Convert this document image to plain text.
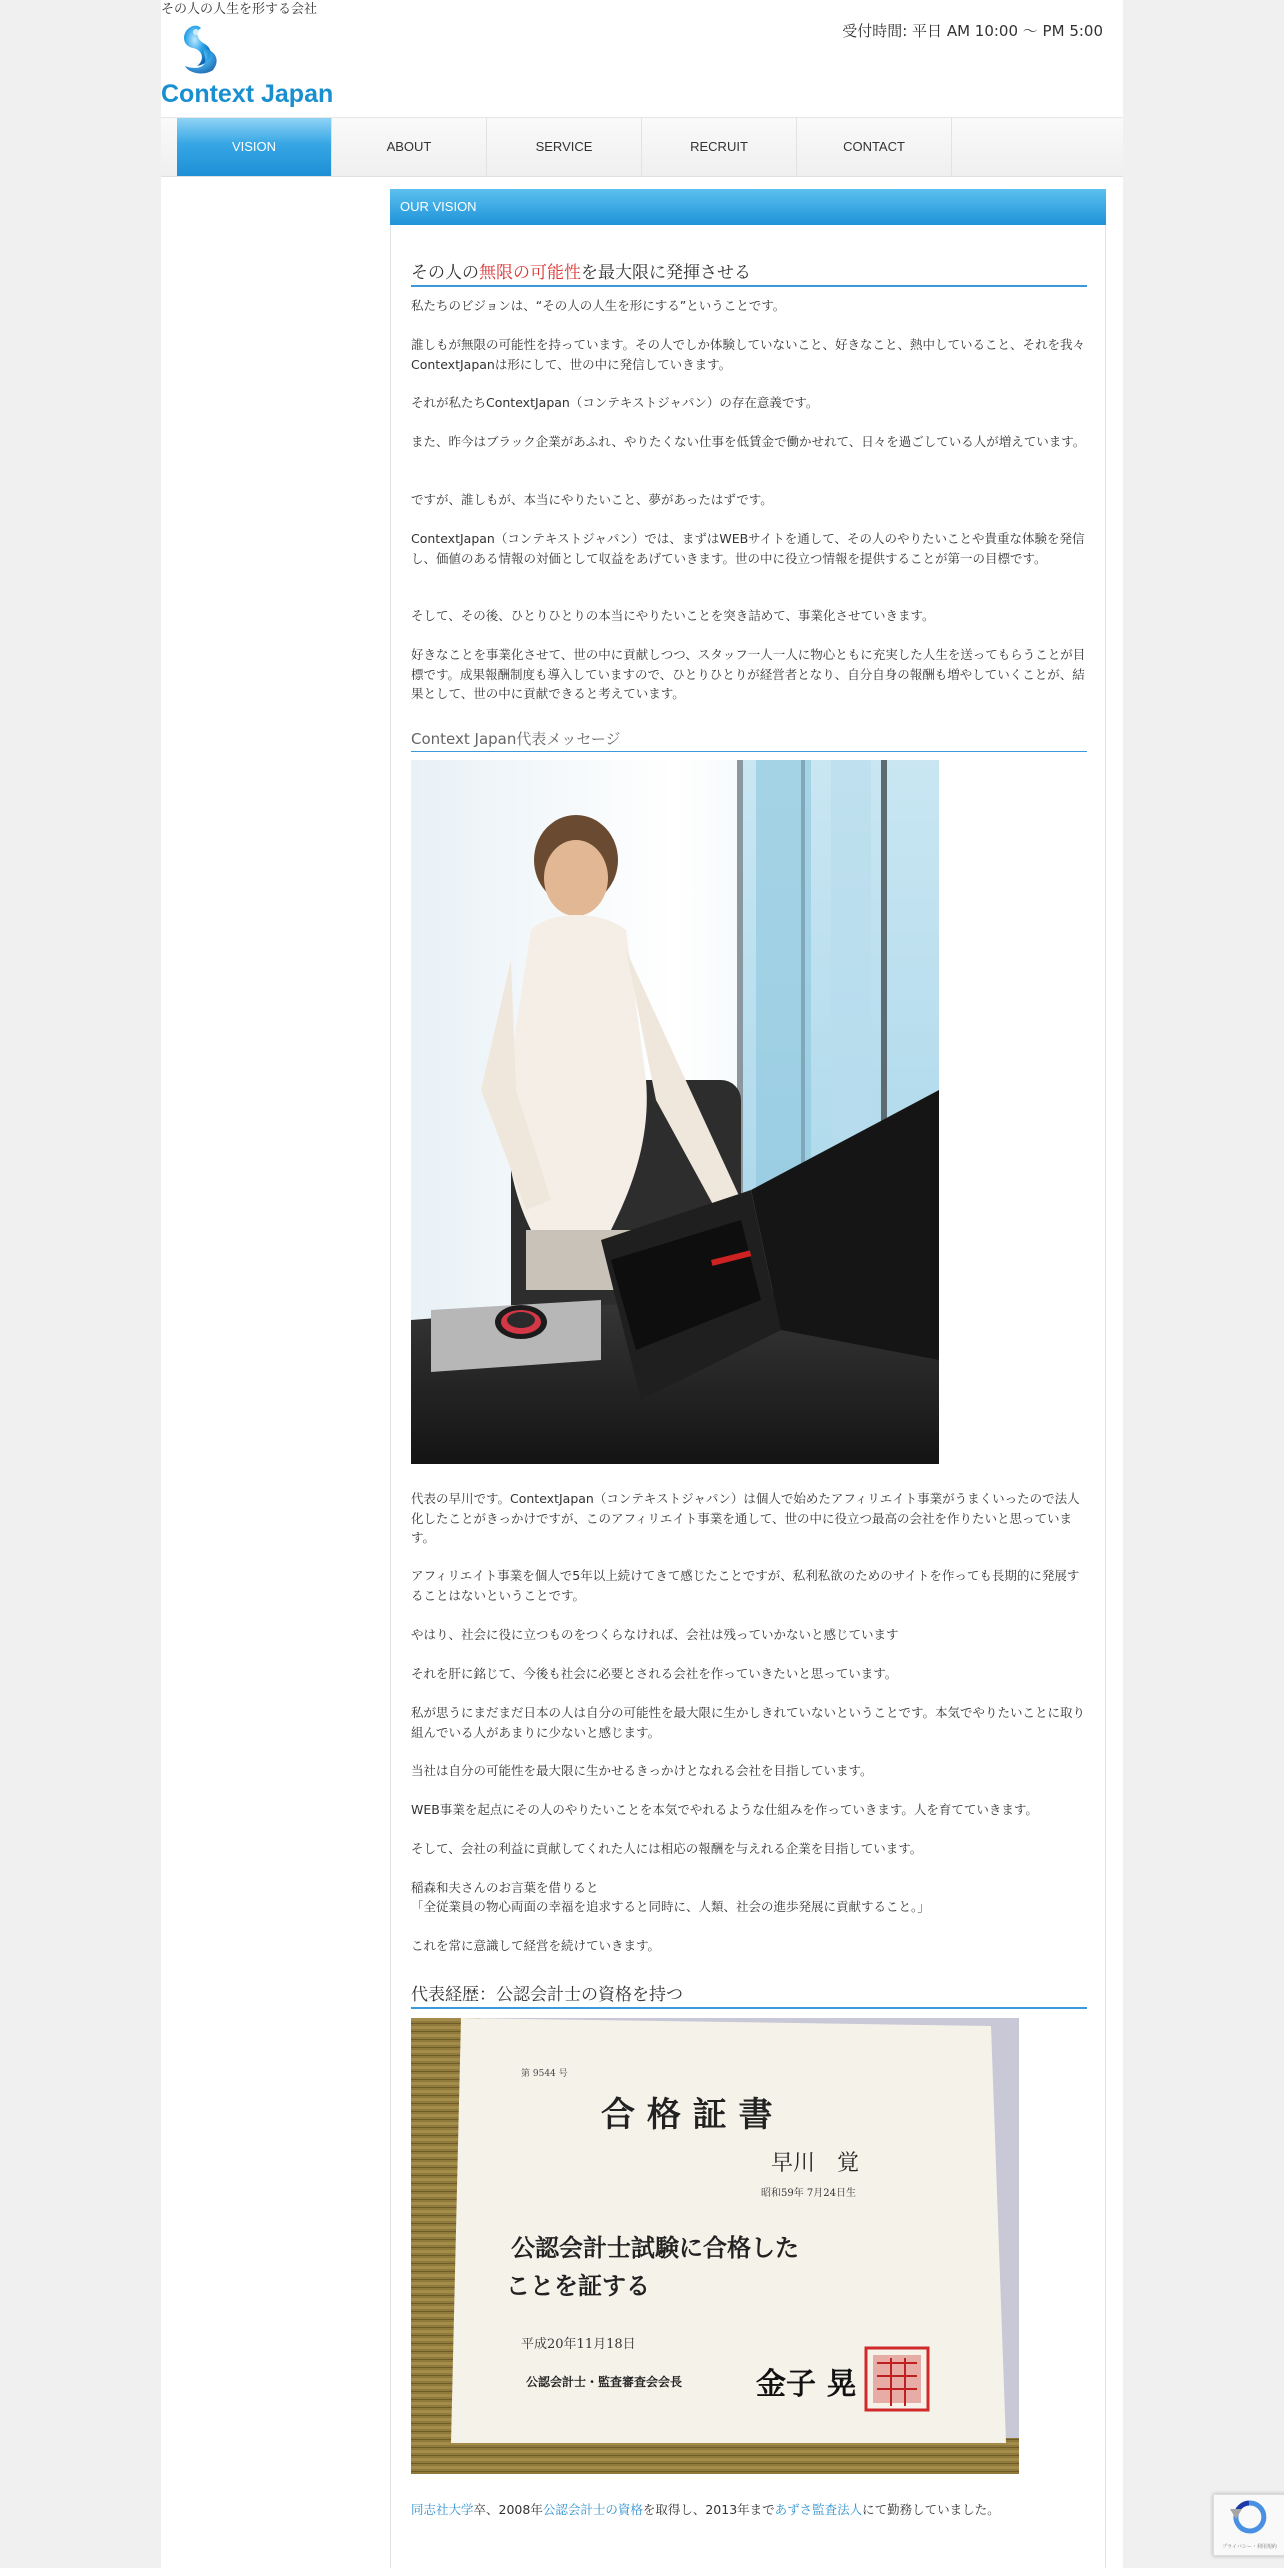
その人の人生を形する会社
Context Japan
受付時間: 平日 AM 10:00 〜 PM 5:00
VISION	ABOUT	SERVICE	RECRUIT	CONTACT
OUR VISION
その人の無限の可能性を最大限に発揮させる

私たちのビジョンは、“その人の人生を形にする”ということです。

誰しもが無限の可能性を持っています。その人でしか体験していないこと、好きなこと、熱中していること、それを我々ContextJapanは形にして、世の中に発信していきます。

それが私たちContextJapan（コンテキストジャパン）の存在意義です。

また、昨今はブラック企業があふれ、やりたくない仕事を低賃金で働かせれて、日々を過ごしている人が増えています。

ですが、誰しもが、本当にやりたいこと、夢があったはずです。

ContextJapan（コンテキストジャパン）では、まずはWEBサイトを通して、その人のやりたいことや貴重な体験を発信し、価値のある情報の対価として収益をあげていきます。世の中に役立つ情報を提供することが第一の目標です。

そして、その後、ひとりひとりの本当にやりたいことを突き詰めて、事業化させていきます。

好きなことを事業化させて、世の中に貢献しつつ、スタッフ一人一人に物心ともに充実した人生を送ってもらうことが目標です。成果報酬制度も導入していますので、ひとりひとりが経営者となり、自分自身の報酬も増やしていくことが、結果として、世の中に貢献できると考えています。

Context Japan代表メッセージ

代表の早川です。ContextJapan（コンテキストジャパン）は個人で始めたアフィリエイト事業がうまくいったので法人化したことがきっかけですが、このアフィリエイト事業を通して、世の中に役立つ最高の会社を作りたいと思っています。

アフィリエイト事業を個人で5年以上続けてきて感じたことですが、私利私欲のためのサイトを作っても長期的に発展することはないということです。

やはり、社会に役に立つものをつくらなければ、会社は残っていかないと感じています

それを肝に銘じて、今後も社会に必要とされる会社を作っていきたいと思っています。

私が思うにまだまだ日本の人は自分の可能性を最大限に生かしきれていないということです。本気でやりたいことに取り組んでいる人があまりに少ないと感じます。

当社は自分の可能性を最大限に生かせるきっかけとなれる会社を目指しています。

WEB事業を起点にその人のやりたいことを本気でやれるような仕組みを作っていきます。人を育てていきます。

そして、会社の利益に貢献してくれた人には相応の報酬を与えれる企業を目指しています。

稲森和夫さんのお言葉を借りると

「全従業員の物心両面の幸福を追求すると同時に、人類、社会の進歩発展に貢献すること。」

これを常に意識して経営を続けていきます。

代表経歴：公認会計士の資格を持つ
第 9544 号
合 格 証 書
早川　覚
昭和59年 7月24日生
公認会計士試験に合格した
ことを証する
平成20年11月18日
公認会計士・監査審査会会長 金子 晃

同志社大学卒、2008年公認会計士の資格を取得し、2013年まであずさ監査法人にて勤務していました。

プライバシー・利用規約
